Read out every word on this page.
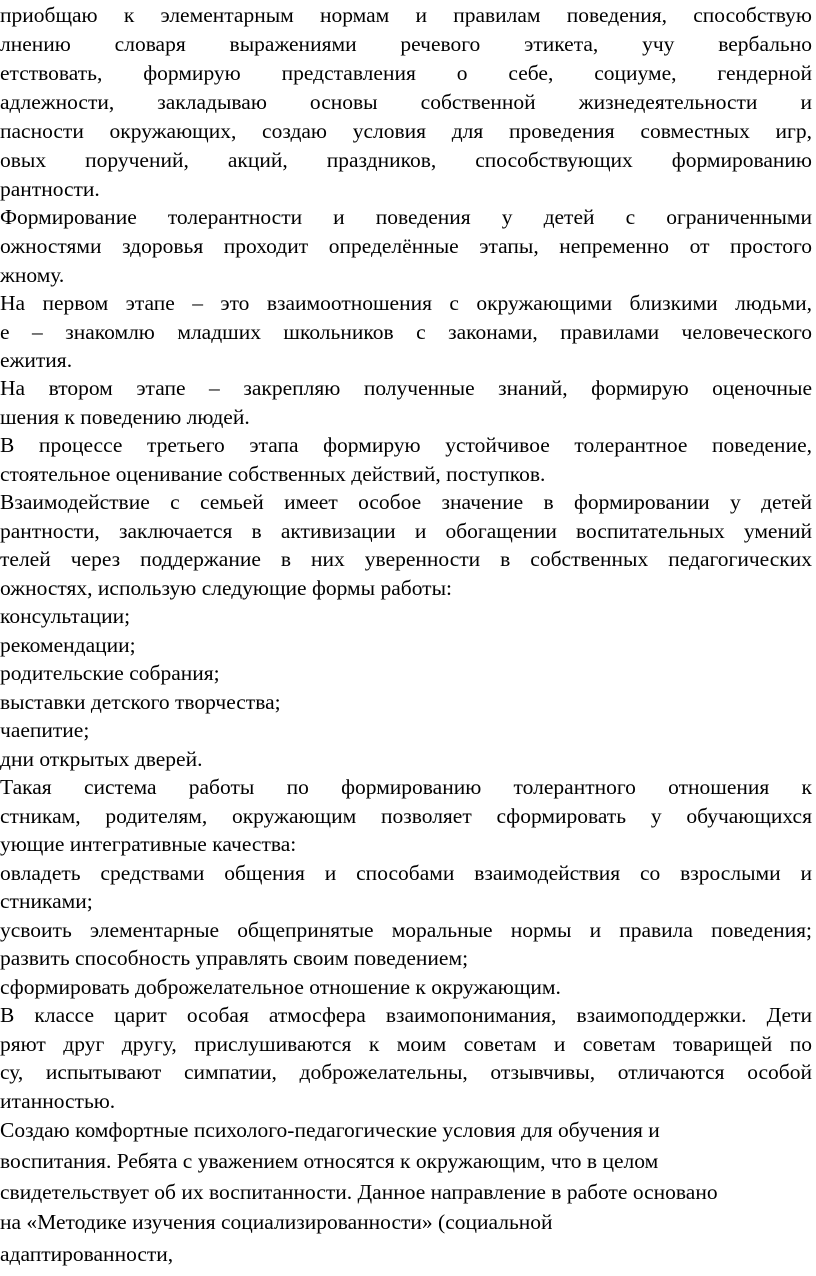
приобщаю к элементарным нормам и правилам поведения, способствую
лнению словаря выражениями речевого этикета, учу вербально
етствовать, формирую представления о себе, социуме, гендерной
адлежности, закладываю основы собственной жизнедеятельности и
пасности окружающих, создаю условия для проведения совместных игр,
овых поручений, акций, праздников, способствующих формированию
рантности.
Формирование толерантности и поведения у детей с ограниченными
ожностями здоровья проходит определённые этапы, непременно от простого
жному.
На первом этапе – это взаимоотношения с окружающими близкими людьми,
е – знакомлю младших школьников с законами, правилами человеческого
ежития.
На втором этапе – закрепляю полученные знаний, формирую оценочные
шения к поведению людей.
В процессе третьего этапа формирую устойчивое толерантное поведение,
стоятельное оценивание собственных действий, поступков.
Взаимодействие с семьей имеет особое значение в формировании у детей
рантности, заключается в активизации и обогащении воспитательных умений
телей через поддержание в них уверенности в собственных педагогических
ожностях, использую следующие формы работы:
консультации;
рекомендации;
родительские собрания;
выставки детского творчества;
чаепитие;
дни открытых дверей.
Такая система работы по формированию толерантного отношения к
стникам, родителям, окружающим позволяет сформировать у обучающихся
ующие интегративные качества:
овладеть средствами общения и способами взаимодействия со взрослыми и
стниками;
усвоить элементарные общепринятые моральные нормы и правила поведения;
развить способность управлять своим поведением;
сформировать доброжелательное отношение к окружающим.
В классе царит особая атмосфера взаимопонимания, взаимоподдержки. Дети
ряют друг другу, прислушиваются к моим советам и советам товарищей по
су, испытывают симпатии, доброжелательны, отзывчивы, отличаются особой
итанностью.
Создаю комфортные психолого-педагогические условия для обучения и
воспитания. Ребята с уважением относятся к окружающим, что в целом
свидетельствует об их воспитанности. Данное направление в работе основано
на «Методике изучения социализированности» (социальной
адаптированности,
